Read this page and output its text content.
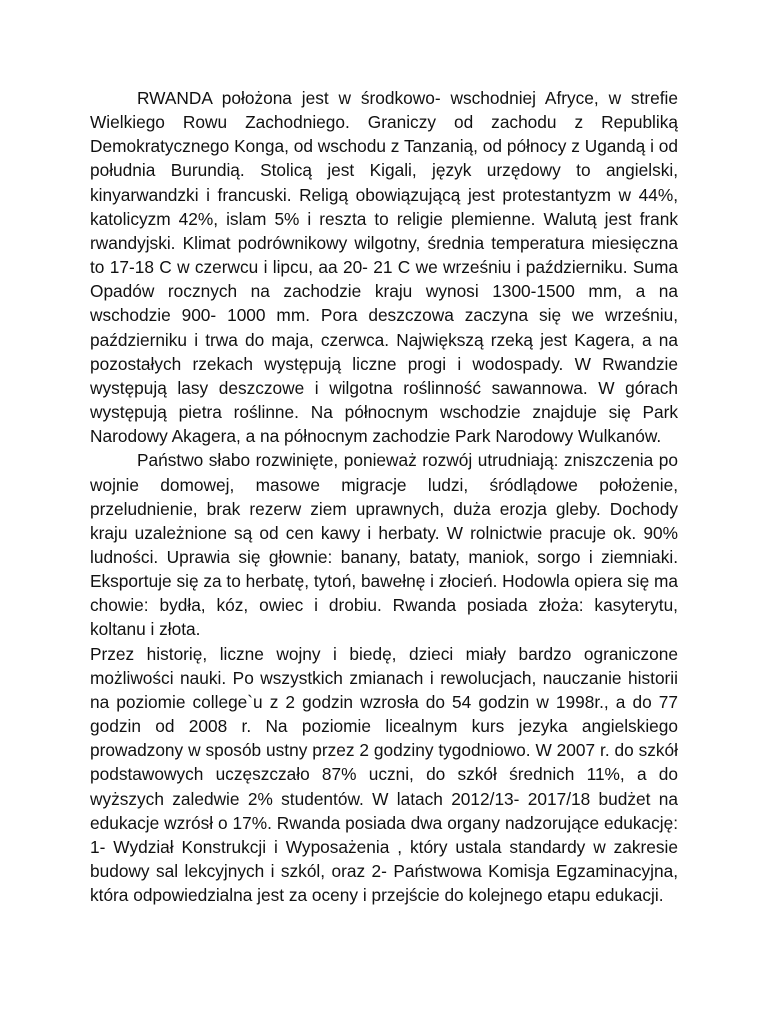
RWANDA położona jest w środkowo- wschodniej Afryce, w strefie Wielkiego Rowu Zachodniego. Graniczy od zachodu z Republiką Demokratycznego Konga, od wschodu z Tanzanią, od północy z Ugandą i od południa Burundią. Stolicą jest Kigali, język urzędowy to angielski, kinyarwandzki i francuski. Religą obowiązującą jest protestantyzm w 44%, katolicyzm 42%, islam 5% i reszta to religie plemienne. Walutą jest frank rwandyjski. Klimat podrównikowy wilgotny, średnia temperatura miesięczna to 17-18 C w czerwcu i lipcu, aa 20- 21 C we wrześniu i październiku. Suma Opadów rocznych na zachodzie kraju wynosi 1300-1500 mm, a na wschodzie 900- 1000 mm. Pora deszczowa zaczyna się we wrześniu, październiku i trwa do maja, czerwca. Największą rzeką jest Kagera, a na pozostałych rzekach występują liczne progi i wodospady. W Rwandzie występują lasy deszczowe i wilgotna roślinność sawannowa. W górach występują pietra roślinne. Na północnym wschodzie znajduje się Park Narodowy Akagera, a na północnym zachodzie Park Narodowy Wulkanów.

Państwo słabo rozwinięte, ponieważ rozwój utrudniają: zniszczenia po wojnie domowej, masowe migracje ludzi, śródlądowe położenie, przeludnienie, brak rezerw ziem uprawnych, duża erozja gleby. Dochody kraju uzależnione są od cen kawy i herbaty. W rolnictwie pracuje ok. 90% ludności. Uprawia się głownie: banany, bataty, maniok, sorgo i ziemniaki. Eksportuje się za to herbatę, tytoń, bawełnę i złocień. Hodowla opiera się ma chowie: bydła, kóz, owiec i drobiu. Rwanda posiada złoża: kasyterytu, koltanu i złota.

Przez historię, liczne wojny i biedę, dzieci miały bardzo ograniczone możliwości nauki. Po wszystkich zmianach i rewolucjach, nauczanie historii na poziomie college`u z 2 godzin wzrosła do 54 godzin w 1998r., a do 77 godzin od 2008 r. Na poziomie licealnym kurs jezyka angielskiego prowadzony w sposób ustny przez 2 godziny tygodniowo. W 2007 r. do szkół podstawowych uczęszczało 87% uczni, do szkół średnich 11%, a do wyższych zaledwie 2% studentów. W latach 2012/13- 2017/18 budżet na edukacje wzrósł o 17%. Rwanda posiada dwa organy nadzorujące edukację: 1- Wydział Konstrukcji i Wyposażenia , który ustala standardy w zakresie budowy sal lekcyjnych i szkól, oraz 2- Państwowa Komisja Egzaminacyjna, która odpowiedzialna jest za oceny i przejście do kolejnego etapu edukacji.
